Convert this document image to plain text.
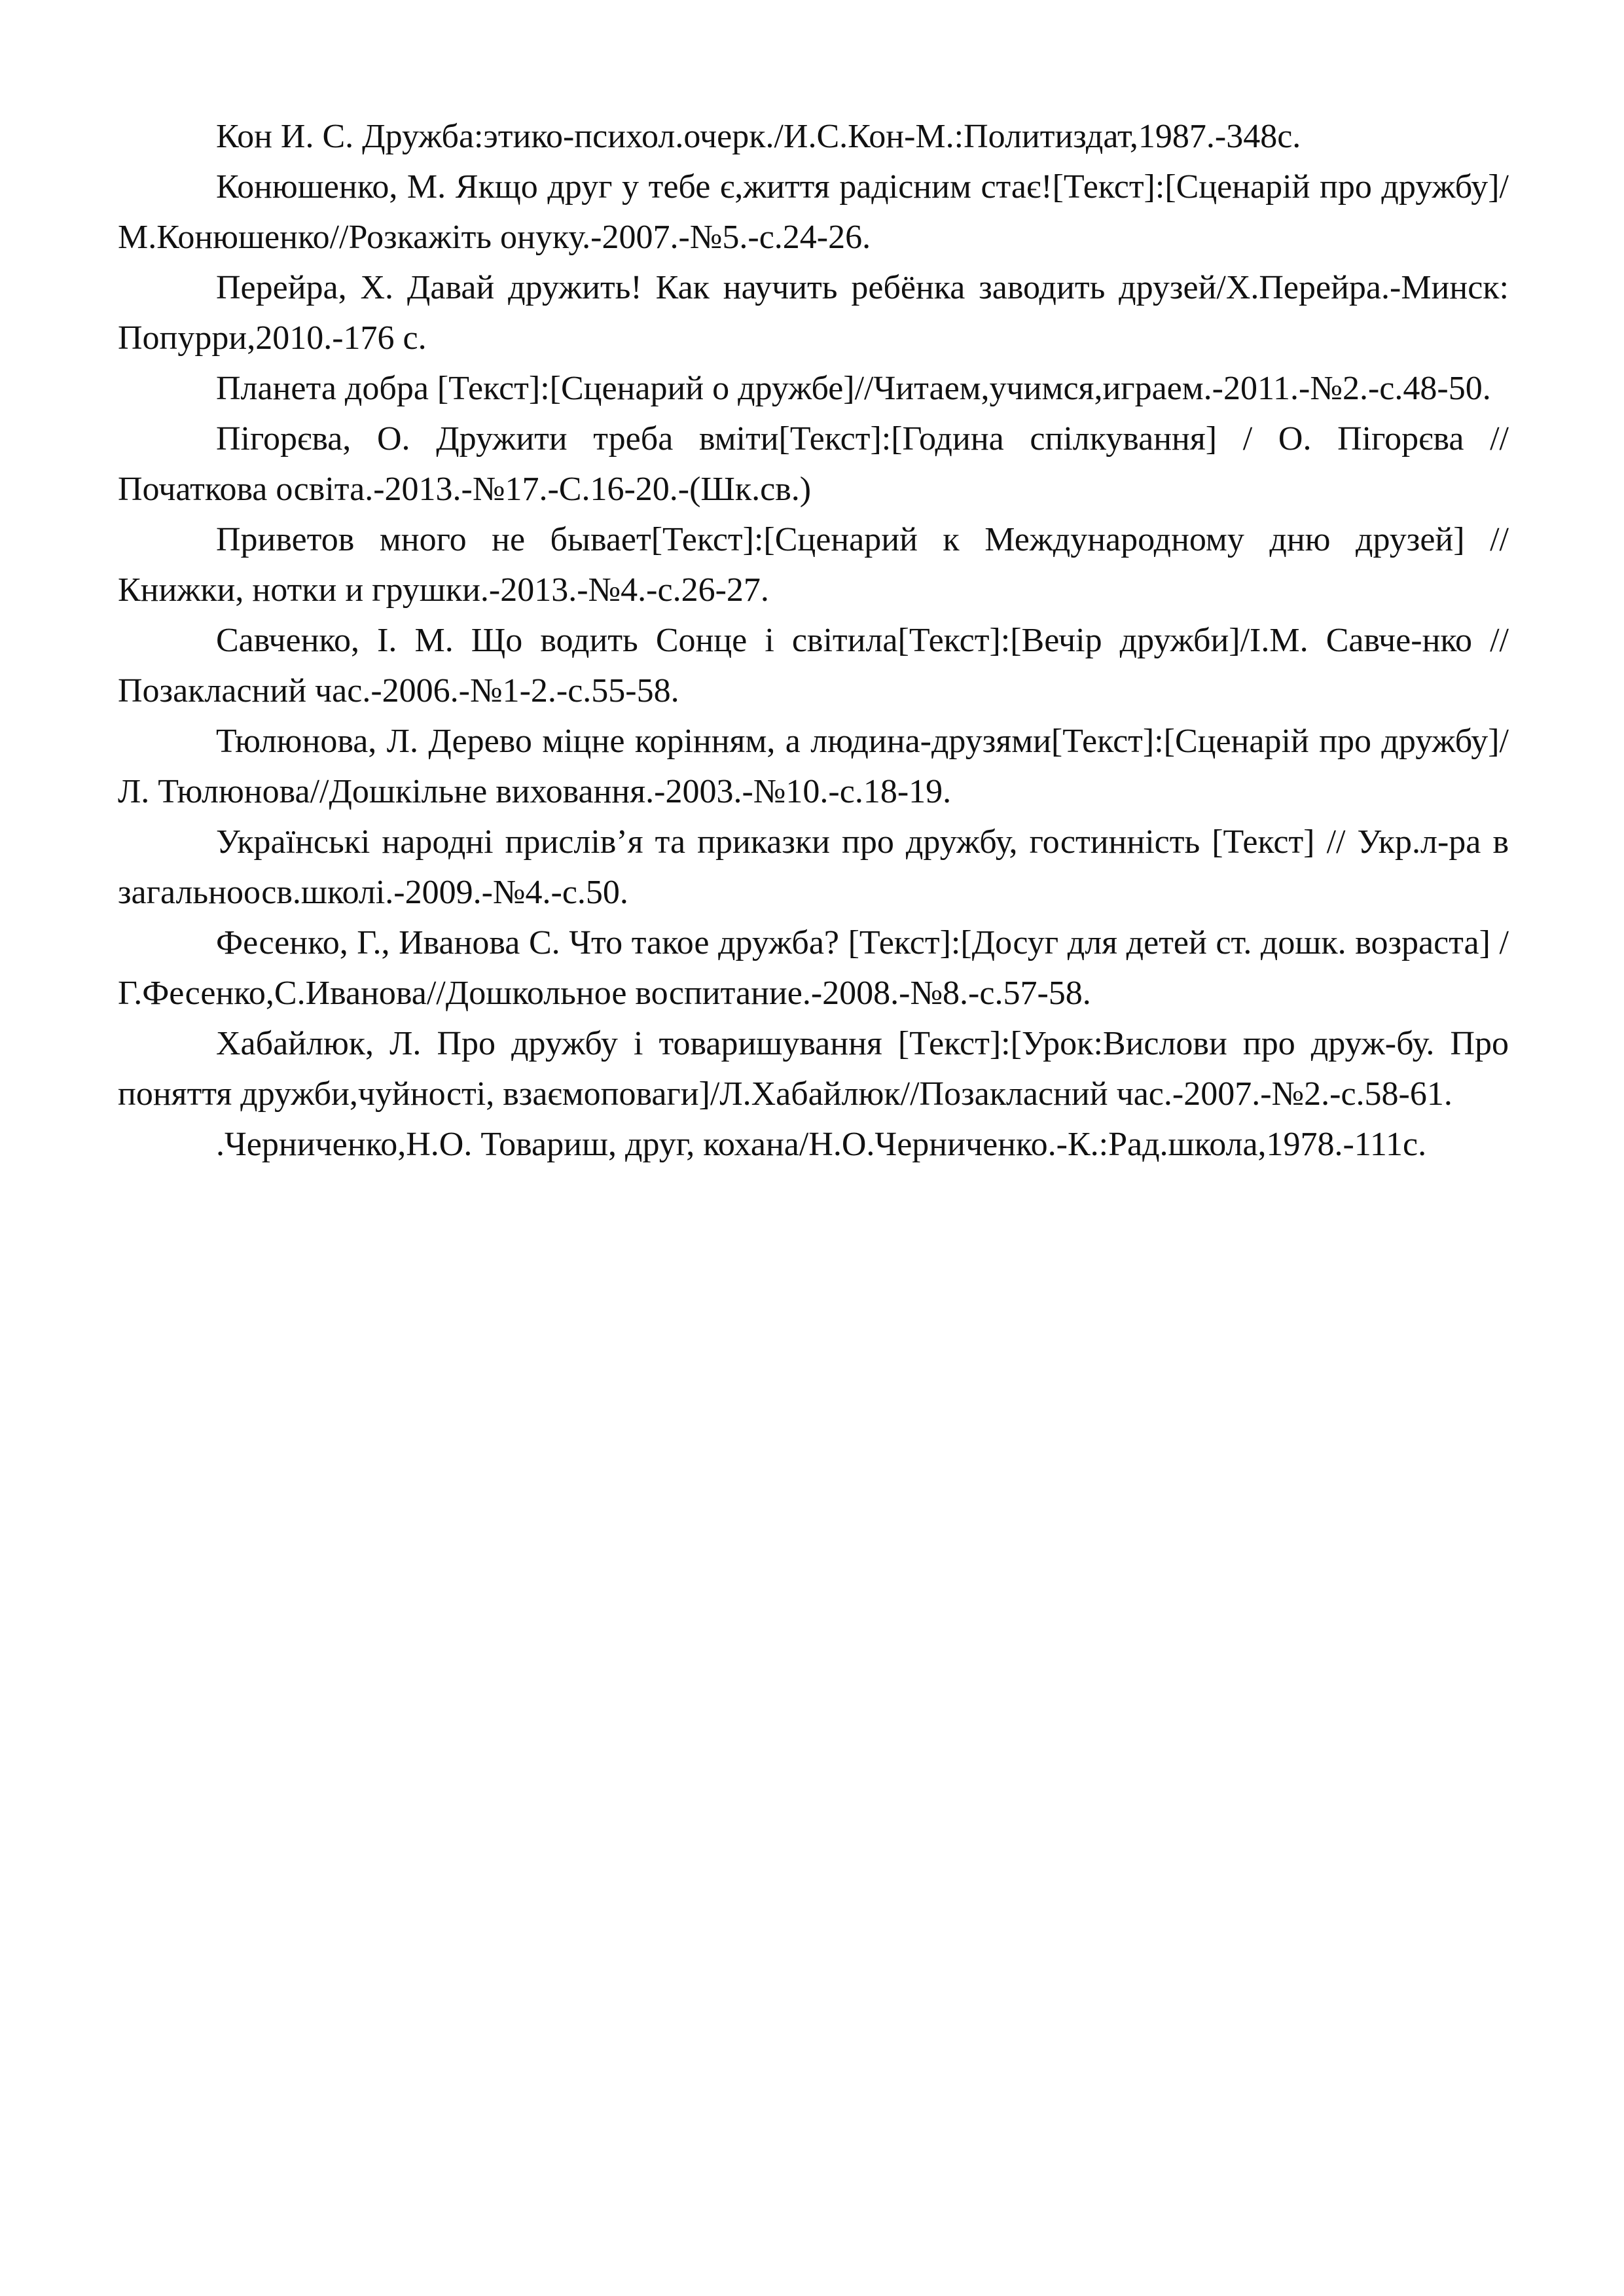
Кон И. С. Дружба:этико-психол.очерк./И.С.Кон-М.:Политиздат,1987.-348с.

Конюшенко, М. Якщо друг у тебе є,життя радісним стає![Текст]:[Сценарій про дружбу]/М.Конюшенко//Розкажіть онуку.-2007.-№5.-с.24-26.

Перейра, Х. Давай дружить! Как научить ребёнка заводить друзей/Х.Перейра.-Минск: Попурри,2010.-176 с.

Планета добра [Текст]:[Сценарий о дружбе]//Читаем,учимся,играем.-2011.-№2.-с.48-50.

Пігорєва, О. Дружити треба вміти[Текст]:[Година спілкування] / О. Пігорєва // Початкова освіта.-2013.-№17.-С.16-20.-(Шк.св.)

Приветов много не бывает[Текст]:[Сценарий к Международному дню друзей] // Книжки, нотки и грушки.-2013.-№4.-с.26-27.

Савченко, І. М. Що водить Сонце і світила[Текст]:[Вечір дружби]/І.М. Савче-нко // Позакласний час.-2006.-№1-2.-с.55-58.

Тюлюнова, Л. Дерево міцне корінням, а людина-друзями[Текст]:[Сценарій про дружбу]/Л. Тюлюнова//Дошкільне виховання.-2003.-№10.-с.18-19.

Українські народні прислів’я та приказки про дружбу, гостинність [Текст] // Укр.л-ра в загальноосв.школі.-2009.-№4.-с.50.

Фесенко, Г., Иванова С. Что такое дружба? [Текст]:[Досуг для детей ст. дошк. возраста] / Г.Фесенко,С.Иванова//Дошкольное воспитание.-2008.-№8.-с.57-58.

Хабайлюк, Л. Про дружбу і товаришування [Текст]:[Урок:Вислови про друж-бу. Про поняття дружби,чуйності, взаємоповаги]/Л.Хабайлюк//Позакласний час.-2007.-№2.-с.58-61.

.Черниченко,Н.О. Товариш, друг, кохана/Н.О.Черниченко.-К.:Рад.школа,1978.-111с.
